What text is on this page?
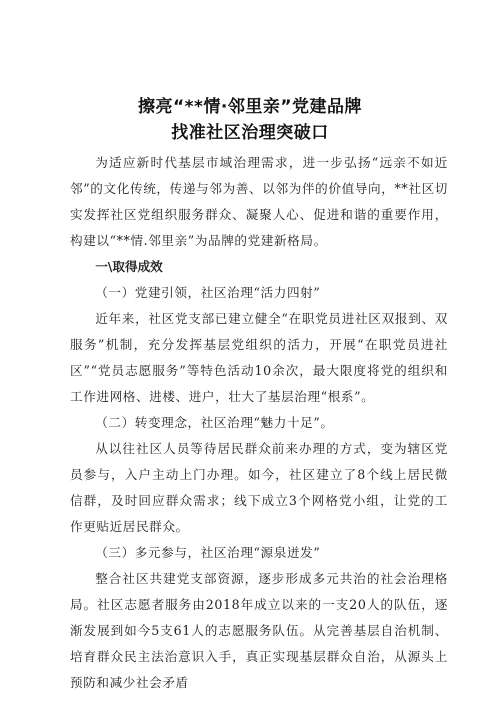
擦亮“**情·邻里亲”党建品牌
找准社区治理突破口

为适应新时代基层市域治理需求，进一步弘扬“远亲不如近邻”的文化传统，传递与邻为善、以邻为伴的价值导向，**社区切实发挥社区党组织服务群众、凝聚人心、促进和谐的重要作用，构建以“**情.邻里亲”为品牌的党建新格局。

一\取得成效

（一）党建引领，社区治理“活力四射”

近年来，社区党支部已建立健全“在职党员进社区双报到、双服务”机制，充分发挥基层党组织的活力，开展“在职党员进社区”“党员志愿服务”等特色活动10余次，最大限度将党的组织和工作进网格、进楼、进户，壮大了基层治理“根系”。

（二）转变理念，社区治理“魅力十足”。

从以往社区人员等待居民群众前来办理的方式，变为辖区党员参与，入户主动上门办理。如今，社区建立了8个线上居民微信群，及时回应群众需求；线下成立3个网格党小组，让党的工作更贴近居民群众。

（三）多元参与，社区治理“源泉迸发”

整合社区共建党支部资源，逐步形成多元共治的社会治理格局。社区志愿者服务由2018年成立以来的一支20人的队伍，逐渐发展到如今5支61人的志愿服务队伍。从完善基层自治机制、培育群众民主法治意识入手，真正实现基层群众自治，从源头上预防和减少社会矛盾
